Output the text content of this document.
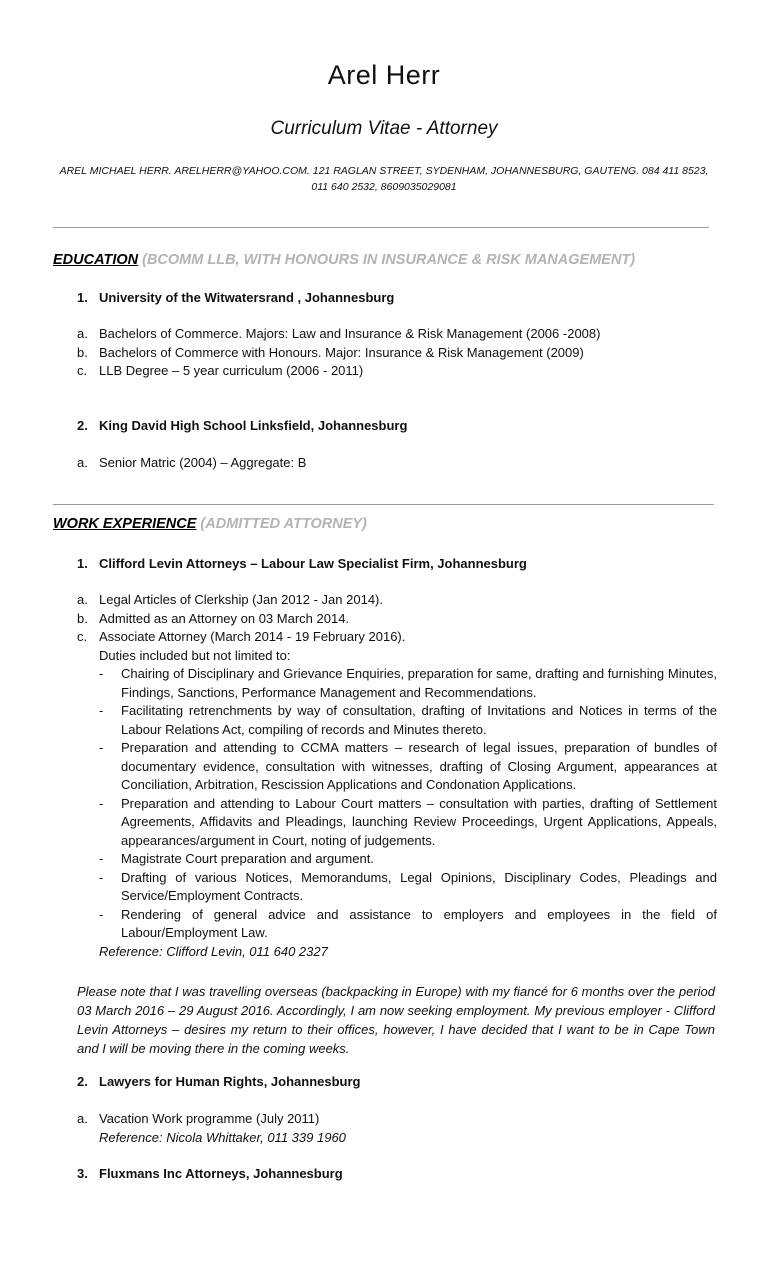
Arel Herr
Curriculum Vitae - Attorney
AREL MICHAEL HERR. ARELHERR@YAHOO.COM. 121 RAGLAN STREET, SYDENHAM, JOHANNESBURG, GAUTENG. 084 411 8523,
011 640 2532, 8609035029081
EDUCATION (BCOMM LLB, WITH HONOURS IN INSURANCE & RISK MANAGEMENT)
1. University of the Witwatersrand , Johannesburg
a. Bachelors of Commerce. Majors: Law and Insurance & Risk Management (2006 -2008)
b. Bachelors of Commerce with Honours. Major: Insurance & Risk Management (2009)
c. LLB Degree – 5 year curriculum (2006 - 2011)
2. King David High School Linksfield, Johannesburg
a. Senior Matric (2004) – Aggregate: B
WORK EXPERIENCE (ADMITTED ATTORNEY)
1. Clifford Levin Attorneys – Labour Law Specialist Firm, Johannesburg
a. Legal Articles of Clerkship (Jan 2012 - Jan 2014).
b. Admitted as an Attorney on 03 March 2014.
c. Associate Attorney (March 2014 - 19 February 2016).
Duties included but not limited to:
- Chairing of Disciplinary and Grievance Enquiries, preparation for same, drafting and furnishing Minutes, Findings, Sanctions, Performance Management and Recommendations.
- Facilitating retrenchments by way of consultation, drafting of Invitations and Notices in terms of the Labour Relations Act, compiling of records and Minutes thereto.
- Preparation and attending to CCMA matters – research of legal issues, preparation of bundles of documentary evidence, consultation with witnesses, drafting of Closing Argument, appearances at Conciliation, Arbitration, Rescission Applications and Condonation Applications.
- Preparation and attending to Labour Court matters – consultation with parties, drafting of Settlement Agreements, Affidavits and Pleadings, launching Review Proceedings, Urgent Applications, Appeals, appearances/argument in Court, noting of judgements.
- Magistrate Court preparation and argument.
- Drafting of various Notices, Memorandums, Legal Opinions, Disciplinary Codes, Pleadings and Service/Employment Contracts.
- Rendering of general advice and assistance to employers and employees in the field of Labour/Employment Law.
Reference: Clifford Levin, 011 640 2327
Please note that I was travelling overseas (backpacking in Europe) with my fiancé for 6 months over the period 03 March 2016 – 29 August 2016. Accordingly, I am now seeking employment. My previous employer - Clifford Levin Attorneys – desires my return to their offices, however, I have decided that I want to be in Cape Town and I will be moving there in the coming weeks.
2. Lawyers for Human Rights, Johannesburg
a. Vacation Work programme (July 2011)
Reference: Nicola Whittaker, 011 339 1960
3. Fluxmans Inc Attorneys, Johannesburg
